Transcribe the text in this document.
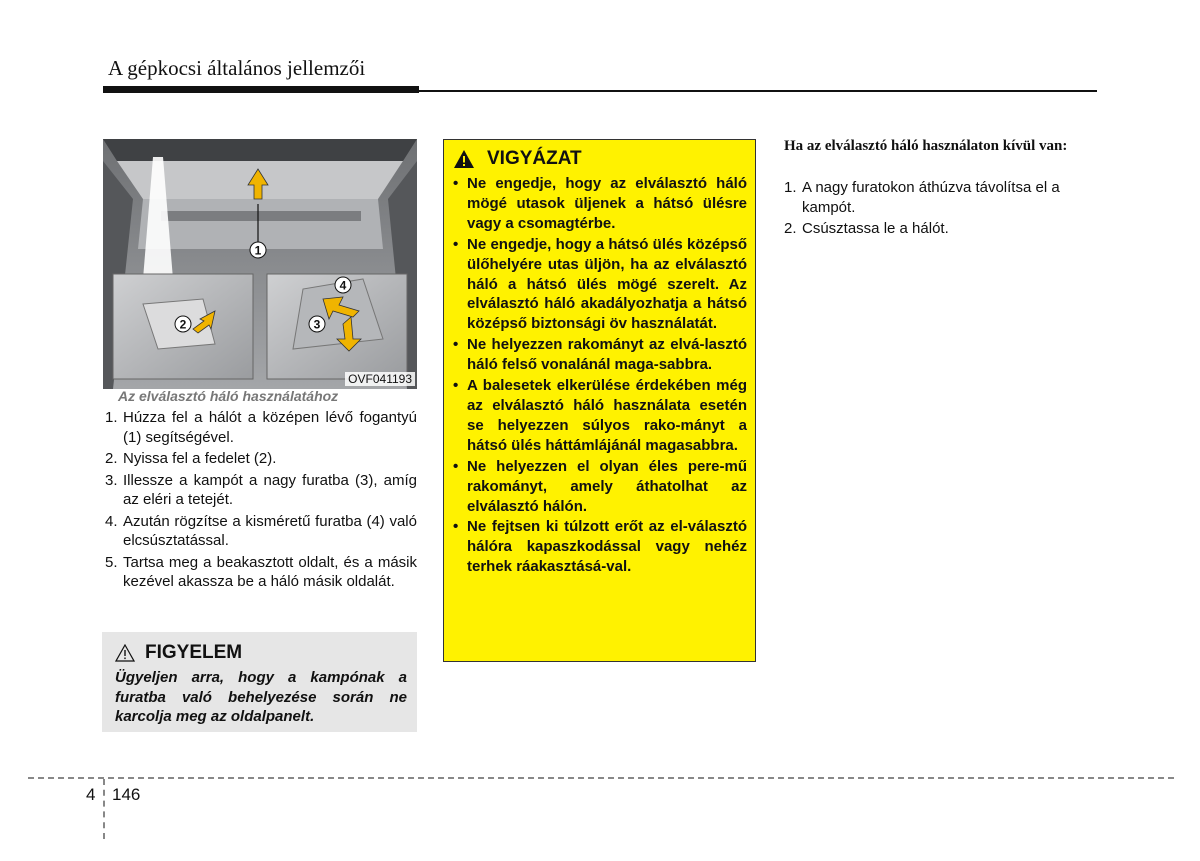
A gépkocsi általános jellemzői
1
2
4
3
OVF041193
Az elválasztó háló használatához
1. Húzza fel a hálót a középen lévő fogantyú (1) segítségével.
2. Nyissa fel a fedelet (2).
3. Illessze a kampót a nagy furatba (3), amíg az eléri a tetejét.
4. Azután rögzítse a kisméretű furatba (4) való elcsúsztatással.
5. Tartsa meg a beakasztott oldalt, és a másik kezével akassza be a háló másik oldalát.
FIGYELEM
Ügyeljen arra, hogy a kampónak a furatba való behelyezése során ne karcolja meg az oldalpanelt.
VIGYÁZAT
• Ne engedje, hogy az elválasztó háló mögé utasok üljenek a hátsó ülésre vagy a csomagtérbe.
• Ne engedje, hogy a hátsó ülés középső ülőhelyére utas üljön, ha az elválasztó háló a hátsó ülés mögé szerelt. Az elválasztó háló akadályozhatja a hátsó középső biztonsági öv használatát.
• Ne helyezzen rakományt az elvá-lasztó háló felső vonalánál maga-sabbra.
• A balesetek elkerülése érdekében még az elválasztó háló használata esetén se helyezzen súlyos rako-mányt a hátsó ülés háttámlájánál magasabbra.
• Ne helyezzen el olyan éles pere-mű rakományt, amely áthatolhat az elválasztó hálón.
• Ne fejtsen ki túlzott erőt az el-választó hálóra kapaszkodással vagy nehéz terhek ráakasztásá-val.
Ha az elválasztó háló használaton kívül van:
1. A nagy furatokon áthúzva távolítsa el a kampót.
2. Csúsztassa le a hálót.
4 146
